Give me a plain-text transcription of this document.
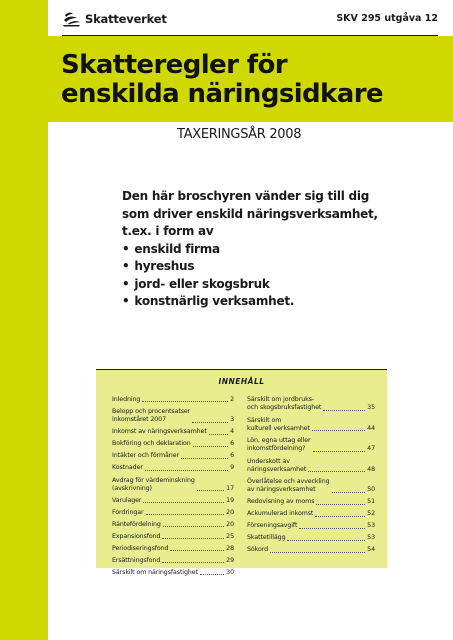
Skatteverket	SKV 295 utgåva 12
Skatteregler för
enskilda näringsidkare
TAXERINGSÅR 2008

Den här broschyren vänder sig till dig

som driver enskild näringsverksamhet,

t.ex. i form av

• enskild firma
• hyreshus
• jord- eller skogsbruk
• konstnärlig verksamhet.
INNEHÅLL
Inledning	2
Belopp och procentsatser
inkomståret 2007	3
Inkomst av näringsverksamhet	4
Bokföring och deklaration	6
Intäkter och förmåner	6
Kostnader	9
Avdrag för värdeminskning
(avskrivning)	17
Varulager	19
Fordringar	20
Räntefördelning	20
Expansionsfond	25
Periodiseringsfond	28
Ersättningsfond	29
Särskilt om näringsfastighet	30
Särskilt om jordbruks-
och skogsbruksfastighet	35
Särskilt om
kulturell verksamhet	44
Lön, egna uttag eller
inkomstfördelning?	47
Underskott av
näringsverksamhet	48
Överlåtelse och avveckling
av näringsverksamhet	50
Redovisning av moms	51
Ackumulerad inkomst	52
Förseningsavgift	53
Skattetillägg	53
Sökord	54
